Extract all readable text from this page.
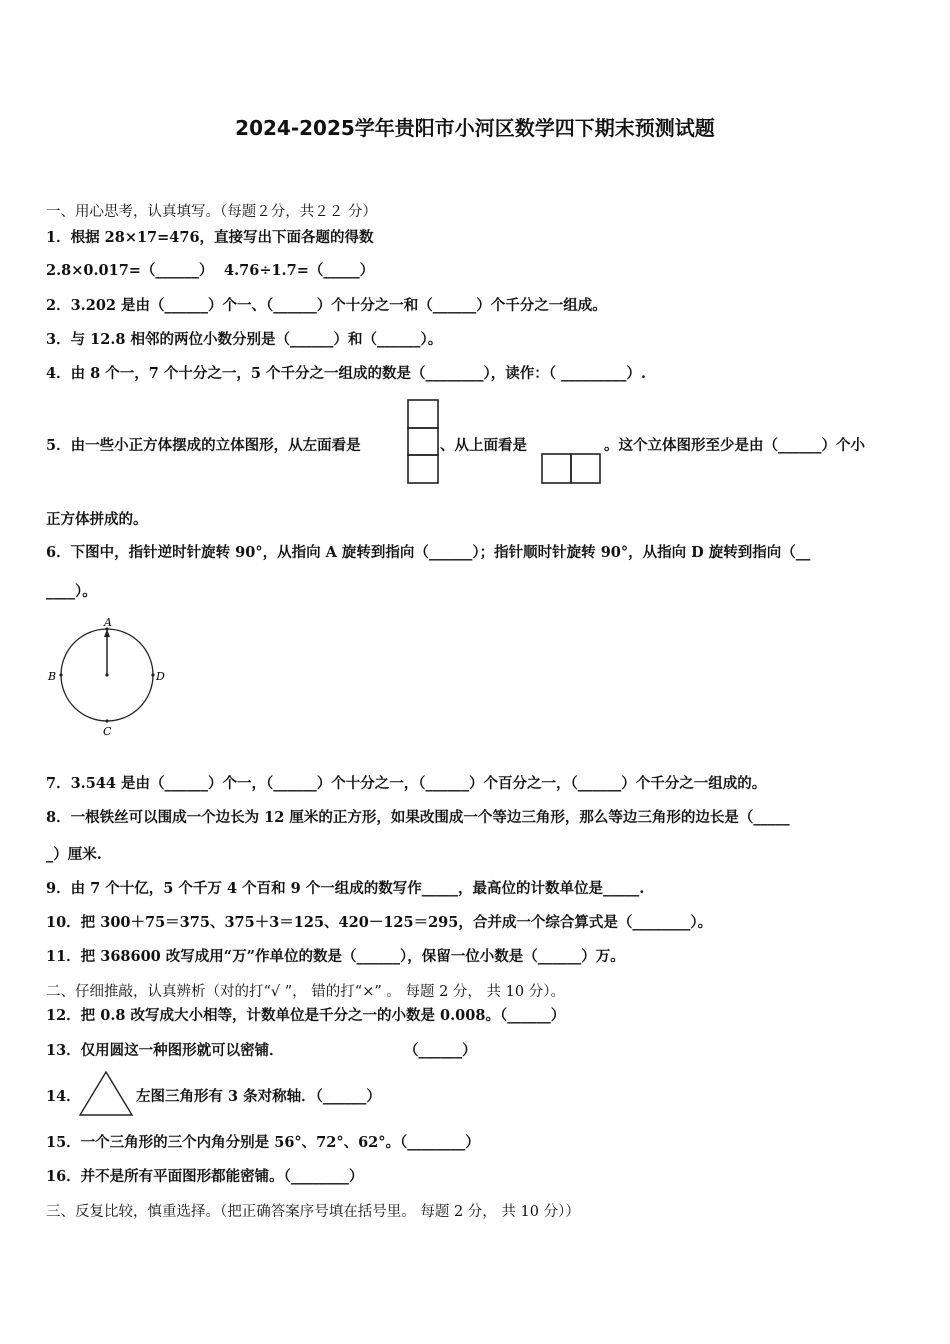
2024-2025学年贵阳市小河区数学四下期末预测试题
一、用心思考，认真填写。（每题２分，共２２ 分）
1．根据 28×17=476，直接写出下面各题的得数
2.8×0.017=（______） 4.76÷1.7=（_____）
2．3.202 是由（______）个一、（______）个十分之一和（______）个千分之一组成。
3．与 12.8 相邻的两位小数分别是（______）和（______）。
4．由 8 个一，7 个十分之一，5 个千分之一组成的数是（________），读作：（ _________）.
5．由一些小正方体摆成的立体图形，从左面看是	、从上面看是	。这个立体图形至少是由（______）个小
正方体拼成的。
6．下图中，指针逆时针旋转 90°，从指向 A 旋转到指向（______）；指针顺时针旋转 90°，从指向 D 旋转到指向（__
____）。
A
B
C
D
7．3.544 是由（______）个一，（______）个十分之一，（______）个百分之一，（______）个千分之一组成的。
8．一根铁丝可以围成一个边长为 12 厘米的正方形，如果改围成一个等边三角形，那么等边三角形的边长是（_____
_）厘米.
9．由 7 个十亿，5 个千万 4 个百和 9 个一组成的数写作_____，最高位的计数单位是_____.
10．把 300＋75＝375、375＋3＝125、420－125＝295，合并成一个综合算式是（________）。
11．把 368600 改写成用“万”作单位的数是（______），保留一位小数是（______）万。
二、仔细推敲，认真辨析（对的打“√ ”， 错的打“×” 。 每题 2 分， 共 10 分）。
12．把 0.8 改写成大小相等，计数单位是千分之一的小数是 0.008。（______）
13．仅用圆这一种图形就可以密铺．	（______）
14．	左图三角形有 3 条对称轴．（______）
15．一个三角形的三个内角分别是 56°、72°、62°。（________）
16．并不是所有平面图形都能密铺。（________）
三、反复比较，慎重选择。（把正确答案序号填在括号里。 每题 2 分， 共 10 分））
